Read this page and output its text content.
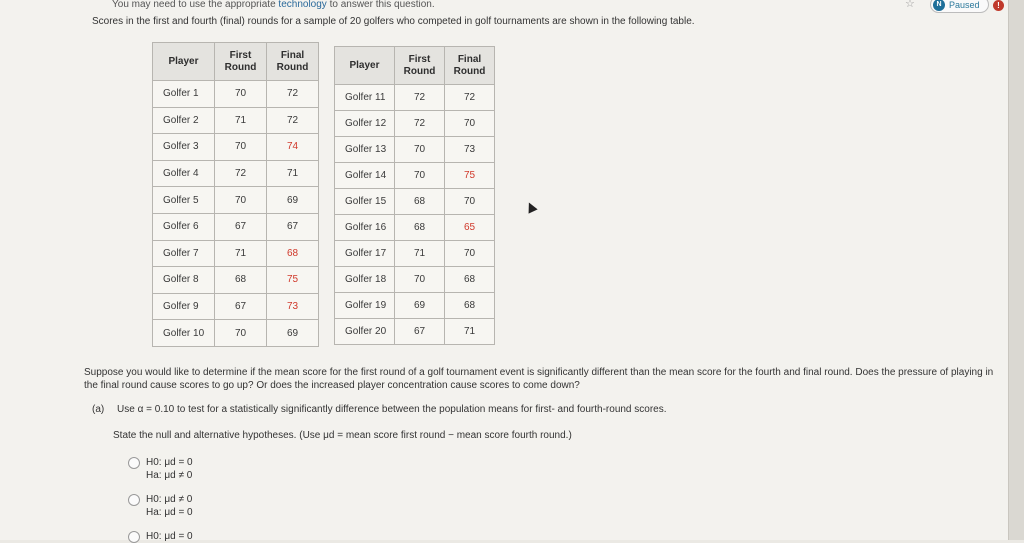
You may need to use the appropriate technology to answer this question.	☆	N Paused	!
Scores in the first and fourth (final) rounds for a sample of 20 golfers who competed in golf tournaments are shown in the following table.
Player	First Round	Final Round
Golfer 1	70	72
Golfer 2	71	72
Golfer 3	70	74
Golfer 4	72	71
Golfer 5	70	69
Golfer 6	67	67
Golfer 7	71	68
Golfer 8	68	75
Golfer 9	67	73
Golfer 10	70	69
Player	First Round	Final Round
Golfer 11	72	72
Golfer 12	72	70
Golfer 13	70	73
Golfer 14	70	75
Golfer 15	68	70
Golfer 16	68	65
Golfer 17	71	70
Golfer 18	70	68
Golfer 19	69	68
Golfer 20	67	71
Suppose you would like to determine if the mean score for the first round of a golf tournament event is significantly different than the mean score for the fourth and final round. Does the pressure of playing in the final round cause scores to go up? Or does the increased player concentration cause scores to come down?
(a) Use α = 0.10 to test for a statistically significantly difference between the population means for first- and fourth-round scores.
State the null and alternative hypotheses. (Use μd = mean score first round − mean score fourth round.)
H0: μd = 0
Ha: μd ≠ 0
H0: μd ≠ 0
Ha: μd = 0
H0: μd = 0
